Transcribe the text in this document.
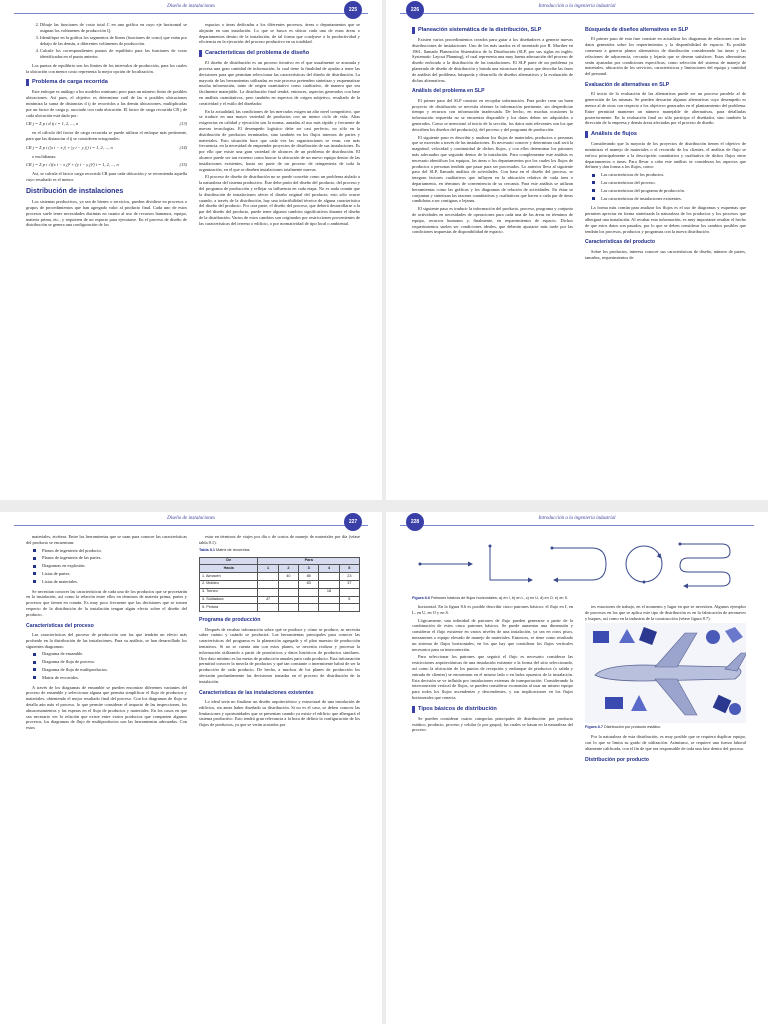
Diseño de instalaciones
225
2. Dibuje las funciones de costo total C en una gráfica en cuyo eje horizontal se asignan los volúmenes de producción Q.
3. Identifique en la gráfica los segmentos de líneas (funciones de costo) que están por debajo de las demás, a diferentes volúmenes de producción.
4. Calcule los correspondientes puntos de equilibrio para las funciones de costo identificadas en el punto anterior.

Los puntos de equilibrio son los límites de los intervalos de producción, para los cuales la ubicación con menor costo representa la mejor opción de localización.

Problema de carga recorrida

Este enfoque es análogo a los modelos minisum; pero para un número finito de posibles ubicaciones. Así pues, el objetivo es determinar cuál de las n posibles ubicaciones minimiza la suma de distancias d ij de recorridos a las demás ubicaciones, multiplicadas por un factor de carga p, asociado con cada ubicación. El factor de carga recorrida CR j de cada ubicación está dado por:

CR j = Σ p i d ij i = 1, 2, ..., n	(13)

en el cálculo del factor de carga recorrida se puede utilizar el enfoque más pertinente, para que las distancias d ij se consideren ortogonales:

CR j = Σ p i (|x i − x j| + |y i − y j|) i = 1, 2, ..., n	(14)

o euclidianas:

CR j = Σ p i √((x i − x j)² + (y i − y j)²) i = 1, 2, ..., n	(15)

Así, se calcula el factor carga recorrida CR para cada ubicación y se recomienda aquella cuyo resultado es el menor.

Distribución de instalaciones

Los sistemas productivos, ya sea de bienes o servicios, pueden dividirse en procesos o grupos de procedimientos que han agregado valor al producto final. Cada uno de estos procesos suele tener necesidades distintas en cuanto al uso de recursos humanos, equipo, materia prima, etc., y requieren de un espacio para ejecutarse. En el proceso de diseño de distribución se genera una configuración de los

espacios o áreas dedicadas a los diferentes procesos, áreas o departamentos que se alojarán en una instalación. Lo que se busca es ubicar cada una de estas áreas o departamentos dentro de la instalación, de tal forma que coadyuve a la productividad y eficiencia en la ejecución del proceso productivo en su totalidad.

Características del problema de diseño

El diseño de distribución es un proceso iterativo en el que usualmente se acumula y procesa una gran cantidad de información, la cual tiene la finalidad de ayudar a tener las decisiones para que permitan seleccionar las características del diseño de distribución. La mayoría de las herramientas utilizadas en este proceso pretenden sintetizar y esquematizar mucha información, tanto de origen cuantitativo como cualitativo, de manera que sea fácilmente manejable. La distribución final tendrá, entonces, aspectos generados con base en análisis cuantitativos, pero también en aspectos de origen subjetivo, resultado de la creatividad y el estilo del diseñador.

En la actualidad, las condiciones de los mercados exigen un alto nivel competitivo, que se traduce en una mayor variedad de productos con un menor ciclo de vida. Altas exigencias en calidad y ejecución son la norma, aunadas al uso más rápido y frecuente de nuevas tecnologías. El desempeño logístico debe ser casi perfecto, no sólo en la distribución de productos terminados, sino también en los flujos internos de partes y materiales. Esto situación hace que cada vez las organizaciones se vean, con más frecuencia, en la necesidad de emprender proyectos de distribución de sus instalaciones. Es por ello que existe una gran variedad de alcances de un problema de distribución. El alcance puede ser tan extremo como buscar la ubicación de un nuevo equipo dentro de las instalaciones existentes, hasta ser parte de un proceso de reingeniería de toda la organización, en el que se diseñen instalaciones totalmente nuevas.

El proceso de diseño de distribución no se puede concebir como un problema aislado a la naturaleza del sistema productivo. Éste debe partir del diseño del producto, del proceso y del programa de producción y reflejar su influencia en cada etapa. No es nada común que la distribución de instalaciones afecte el diseño original del producto; esto sólo ocurre cuando, a través de la distribución, hay una infactibilidad técnica de alguna característica del diseño del producto. Por otra parte, el diseño del proceso, que deberá desarrollarse a la par del diseño del producto, puede tener algunos cambios significativos durante el diseño de la distribución. Varios de estos cambios son originados por restricciones provenientes de las características del terreno o edificio, o por normatividad de tipo local o ambiental.

Introducción a la ingeniería industrial
226
Planeación sistemática de la distribución, SLP

Existen varios procedimientos creados para guiar a los diseñadores a generar nuevas distribuciones de instalaciones. Uno de los más usados es el inventado por R. Murther en 1961, llamado Planeación Sistemática de la Distribución (SLP, por sus siglas en inglés: Systematic Layout Planning), el cual representa una muy buena adecuación del proceso de diseño enfocado a la distribución de las instalaciones. El SLP parte de un problema ya planteado de diseño de distribución y brinda una estructura de pasos que describe las fases de análisis del problema, búsqueda y desarrollo de diseños alternativos y la evaluación de dichas alternativas.

Análisis del problema en SLP

El primer paso del SLP consiste en recopilar información. Para poder crear un buen proyecto de distribución se necesita obtener la información pertinente, sin desperdiciar tiempo y recursos con información inadecuada. De hecho, en muchas ocasiones la información requerida no se encuentra disponible y los datos deben ser adquiridos o generados. Como se mencionó al inicio de la sección, los datos más relevantes son los que describen los diseños del producto(s), del proceso y del programa de producción.

El siguiente paso es describir y analizar los flujos de materiales, productos o personas que se moverán a través de las instalaciones. Es necesario conocer y determinar cuál será la magnitud, velocidad y continuidad de dichos flujos, y con ellos determinar los patrones más adecuados que seguirán dentro de la instalación. Para complementar este análisis es necesario identificar los equipos, las áreas o los departamentos por los cuales los flujos de productos o personas tendrán que pasar para ser procesados. Lo anterior lleva al siguiente paso del SLP, llamado análisis de actividades. Con base en el diseño del proceso, se integran factores cualitativos que influyen en la ubicación relativa de cada área o departamento, en términos de conveniencia de su cercanía. Para este análisis se utilizan herramientas como las gráficas y los diagramas de relación de actividades. En éstas se conjuntan y sintetizan las razones cuantitativas y cualitativas que hacen a cada par de áreas candidatas a ser contiguas o lejanas.

El siguiente paso es traducir la información del producto, proceso, programa y conjunto de actividades en necesidades de operaciones para cada una de las áreas en términos de equipo, recursos humanos y, finalmente, en requerimientos de espacio. Dichos requerimientos suelen ser condiciones ideales, que deberán ajustarse más tarde por las condiciones impuestas de disponibilidad de espacio.

Búsqueda de diseños alternativos en SLP

El primer paso de esta fase consiste en actualizar los diagramas de relaciones con los datos generados sobre los requerimientos y la disponibilidad de espacio. Es posible comenzar a generar planos alternativos de distribución considerando las áreas y las relaciones de adyacencia, cercanía y lejanía que se desean satisfacer. Estas alternativas serán ajustadas por condiciones específicas, como selección del sistema de manejo de materiales, ubicación de los servicios, características y limitaciones del equipo y cantidad del personal.

Evaluación de alternativas en SLP

El inicio de la evaluación de las alternativas puede ser un proceso paralelo al de generación de las mismas. Se pueden descartar algunas alternativas cuyo desempeño es menor al de otras con respecto a los objetivos generados en el planteamiento del problema. Entre permitirá mantener un número manejable de alternativas, para detallarlas posteriormente. En la evaluación final no sólo participa el diseñador, sino también la dirección de la empresa y demás áreas afectadas por el proceso de diseño.

Análisis de flujos

Considerando que la mayoría de los proyectos de distribución tienen el objetivo de minimizar el manejo de materiales o el recorrido de los clientes, el análisis de flujo se enfoca principalmente a la descripción cuantitativa y cualitativa de dichos flujos entre departamentos o áreas. Para llevar a cabo este análisis se consideran los aspectos que definen y dan forma a los flujos, como:

Las características de los productos.
Las características del proceso.
Las características del programa de producción.
Las características de instalaciones existentes.

La forma más común para analizar los flujos es el uso de diagramas y esquemas que permiten apreciar en forma sintetizada la naturaleza de los productos y los procesos que albergará una instalación. Al recabar esta información, es muy importante resaltar el hecho de que estos datos son pasados, por lo que se deben considerar los cambios posibles que tendrán los procesos, productos y programas con la nueva distribución.

Características del producto

Sobre los productos, interesa conocer sus características de diseño, número de partes, tamaños, requerimientos de

Diseño de instalaciones
227

materiales, etcétera. Entre las herramientas que se usan para conocer las características del producto se encuentran:

Planos de ingeniería del producto.
Planos de ingeniería de las partes.
Diagramas en explosión.
Listas de partes.
Listas de materiales.

Se necesitan conocer las características de cada uno de los productos que se procesarán en la instalación, así como la relación entre ellos en términos de materia prima, partes y procesos que tienen en común. Es muy poco frecuente que las decisiones que se tomen respecto de la distribución de la instalación tengan algún efecto sobre el diseño del producto.

Características del proceso

Las características del proceso de producción son las que tendrán un efecto más profundo en la distribución de las instalaciones. Para su análisis, se han desarrollado los siguientes diagramas:

Diagrama de ensamble.
Diagrama de flujo de proceso.
Diagrama de flujo de multiproductos.
Matriz de recorridos.

A través de los diagramas de ensamble se pueden encontrar diferentes variantes del proceso de ensamble y seleccionar alguna que permita simplificar el flujo de productos y materiales, obteniendo el mejor resultado final del proceso. Con los diagramas de flujo se detalla aún más el proceso, lo que permite considerar el impacto de las inspecciones, los almacenamientos y las esperas en el flujo de productos y materiales. En los casos en que sea necesario ver la relación que existe entre varios productos que comparten algunos procesos, los diagramas de flujo de multiproductos son las herramientas adecuadas. Con estos

estar en términos de viajes por día o de costos de manejo de materiales por día (véase tabla 8.1).

Tabla 8.1 Matriz de recorridos
De	Para				
Hacia	1	2	3	4	5
1. Almacén		40	85		23
2. Moldeo			63		37
3. Torneo				18	
4. Soldadura	47				5
5. Pintura					
Programa de producción

Después de recabar información sobre qué se produce y cómo se produce, se necesita saber cuánto y cuándo se producirá. Las herramientas principales para conocer las características del programa es la planeación agregada y el plan maestro de producción tentativos. Si no se cuenta aún con estos planes, se necesita realizar y procesar la información utilizando a partir de pronósticos y datos históricos de productos similares. Otro dato mínimo es las metas de producción anuales para cada producto. Esta información permitirá conocer la mezcla de productos y qué tan constante o intermitente habrá de ser la producción de cada producto. De hecho, a muchos de los planes de producción los afectarán profundamente las decisiones tomadas en el proceso de distribución de la instalación.

Características de las instalaciones existentes

Lo ideal sería no finalizar un diseño arquitectónico y estructural de una instalación de edificios, sin antes haber diseñado su distribución. Si no es el caso, se deben conocer las limitaciones y oportunidades que se presentan cuando ya existe el edificio que albergará el sistema productivo. Esto tendrá gran relevancia a la hora de definir la configuración de los flujos de productos, ya que se verán acotados por

Introducción a la ingeniería industrial
228
Figura 8.6 Patrones básicos de flujos horizontales: a) en I, b) en L, c) en U, d) en O, e) en S.

horizontal. En la figura 8.6 es posible describir cinco patrones básicos: el flujo en I, en L, en U, en O y en S.

Lógicamente, una infinidad de patrones de flujo pueden generarse a partir de la combinación de estos cinco patrones básicos. Se puede aumentar una dimensión y considerar el flujo existente en varios niveles de una instalación, ya sea en otros pisos, mezzanines o equipo elevado de manejo de materiales. Entonces, se tiene como resultado un sistema de flujos horizontales, en los que hay que considerar los flujos verticales necesarios para su interconexión.

Para seleccionar los patrones que seguirá el flujo es necesario considerar las restricciones arquitectónicas de una instalación existente o la forma del sitio seleccionado, así como la ubicación de los puntos de recepción y embarque de productos (o salida y entrada de clientes) se encuentran en el mismo lado o en lados opuestos de la instalación. Esta decisión se ve influida por instalaciones externas de transportación. Considerando la interconexión vertical de flujos, se pueden considerar economías al usar un mismo equipo para todos los flujos ascendentes y descendentes, y sus implicaciones en los flujos horizontales que conecta.

Tipos básicos de distribución

Se pueden considerar cuatro categorías principales de distribución: por producto estático, producto, proceso y celular (o por grupo); las cuales se basan en la naturaleza del proceso.

tes estaciones de trabajo, en el momento y lugar en que se necesiten. Algunos ejemplos de procesos en los que se aplica este tipo de distribución es en la fabricación de aeronaves y buques, así como en la industria de la construcción (véase figura 8.7).

Figura 8.7 Distribución por producto estático

Por la naturaleza de esta distribución, es muy posible que se requiera duplicar equipo, con lo que se limita su grado de utilización. Asimismo, se requiere una fuerza laboral altamente calificada, con el fin de que sea responsable de toda una fase dentro del proceso.

Distribución por producto
